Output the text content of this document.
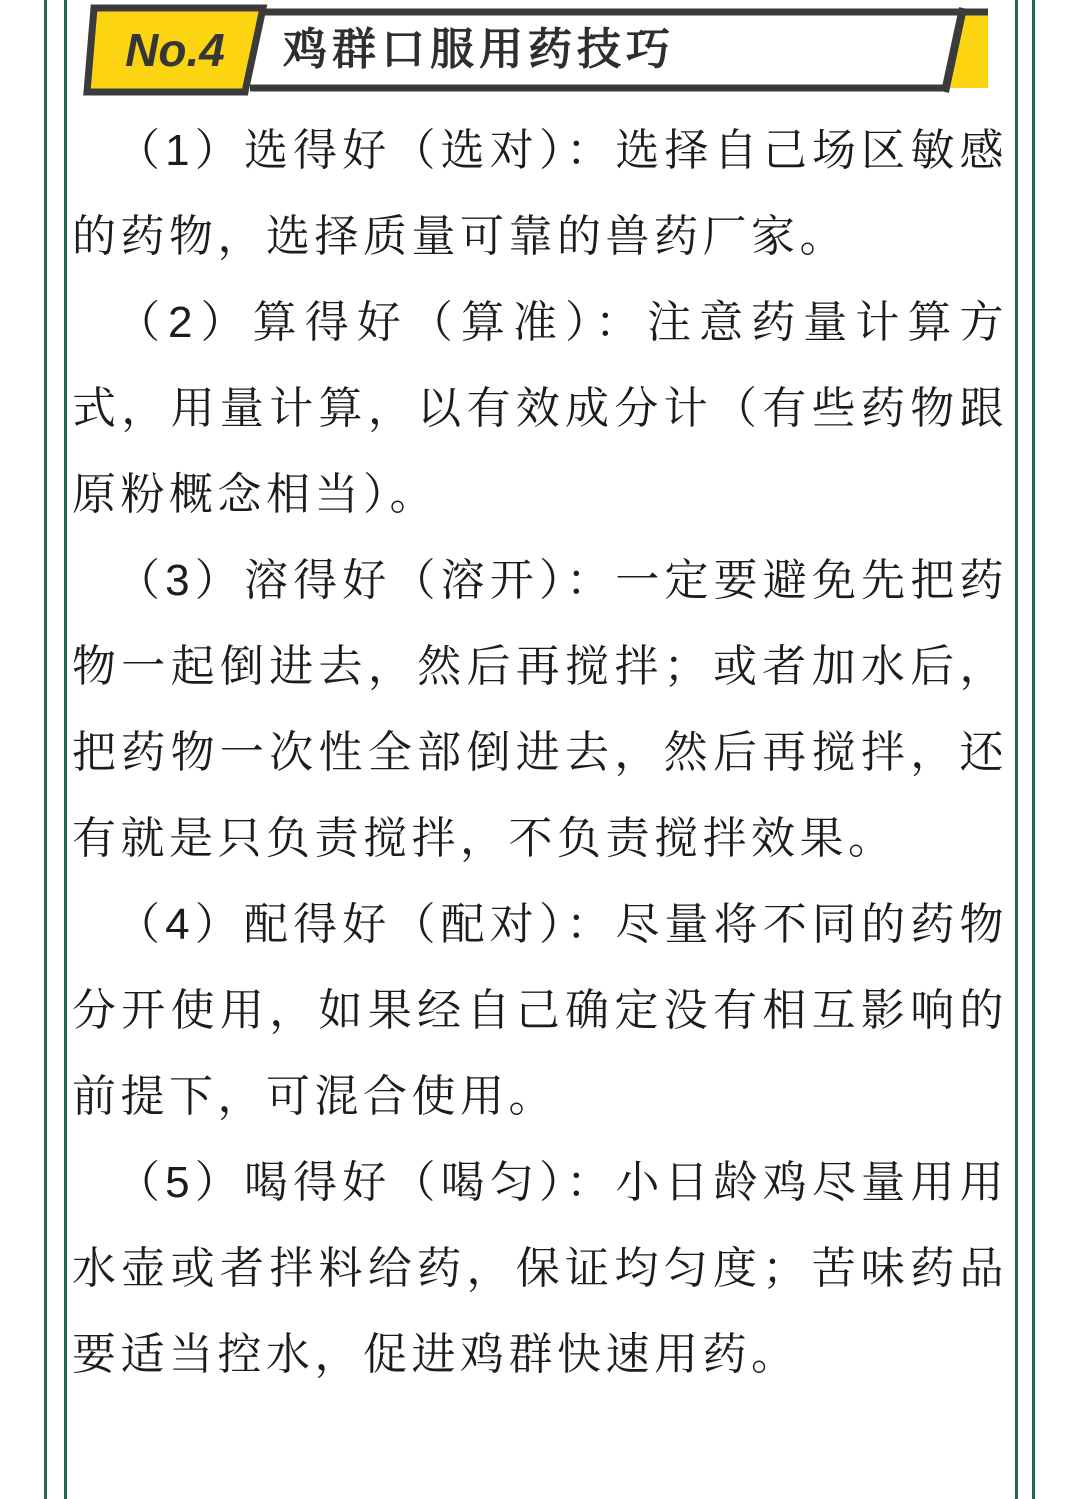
No.4 鸡群口服用药技巧

（1）选得好（选对）：选择自己场区敏感的药物，选择质量可靠的兽药厂家。

（2）算得好（算准）：注意药量计算方式，用量计算，以有效成分计（有些药物跟原粉概念相当）。

（3）溶得好（溶开）：一定要避免先把药物一起倒进去，然后再搅拌；或者加水后，把药物一次性全部倒进去，然后再搅拌，还有就是只负责搅拌，不负责搅拌效果。

（4）配得好（配对）：尽量将不同的药物分开使用，如果经自己确定没有相互影响的前提下，可混合使用。

（5）喝得好（喝匀）：小日龄鸡尽量用用水壶或者拌料给药，保证均匀度；苦味药品要适当控水，促进鸡群快速用药。
